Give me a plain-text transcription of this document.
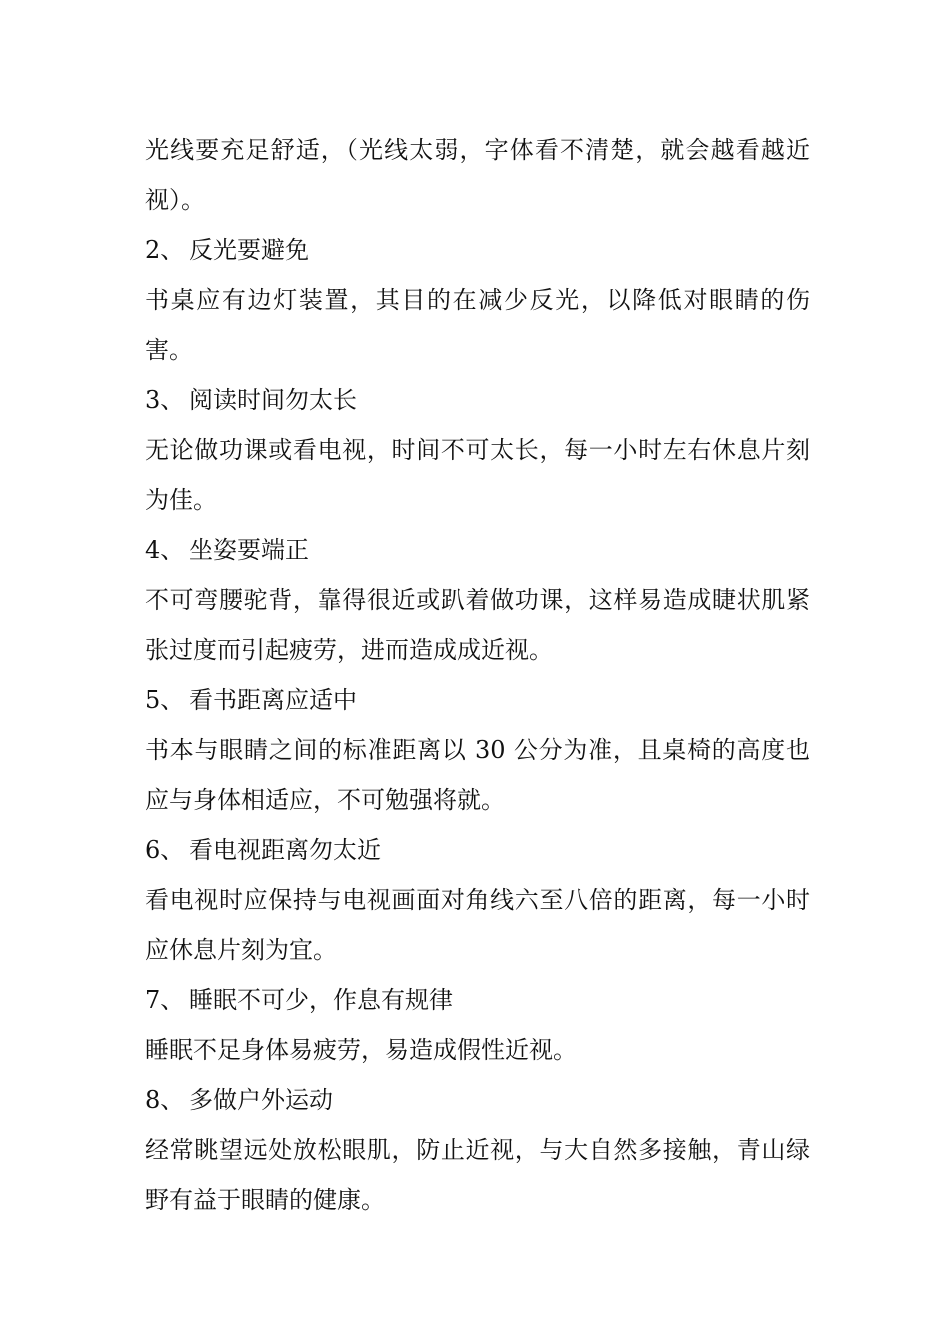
光线要充足舒适，（光线太弱，字体看不清楚，就会越看越近视）。

2、 反光要避免

书桌应有边灯装置，其目的在减少反光，以降低对眼睛的伤害。

3、 阅读时间勿太长

无论做功课或看电视，时间不可太长，每一小时左右休息片刻为佳。

4、 坐姿要端正

不可弯腰驼背，靠得很近或趴着做功课，这样易造成睫状肌紧张过度而引起疲劳，进而造成成近视。

5、 看书距离应适中

书本与眼睛之间的标准距离以 30 公分为准，且桌椅的高度也应与身体相适应，不可勉强将就。

6、 看电视距离勿太近

看电视时应保持与电视画面对角线六至八倍的距离，每一小时应休息片刻为宜。

7、 睡眠不可少，作息有规律

睡眠不足身体易疲劳，易造成假性近视。

8、 多做户外运动

经常眺望远处放松眼肌，防止近视，与大自然多接触，青山绿野有益于眼睛的健康。
